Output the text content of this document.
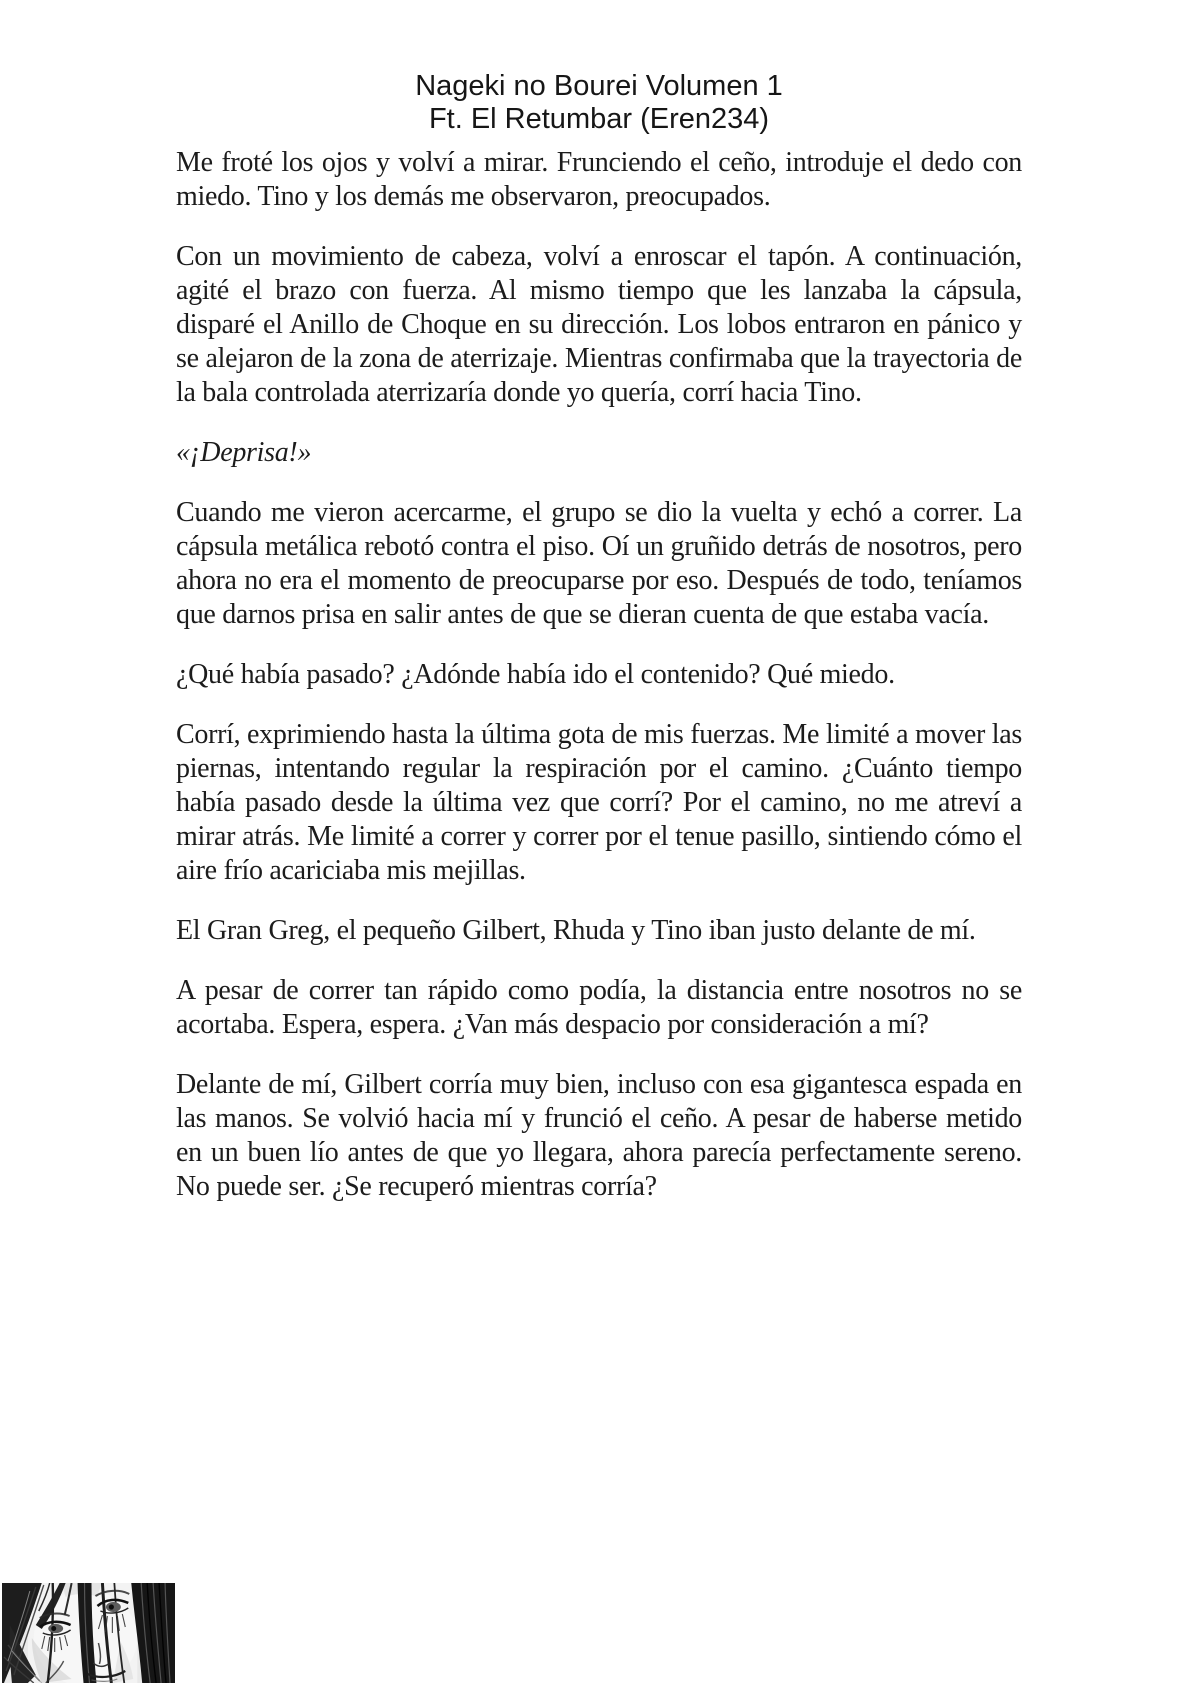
Nageki no Bourei Volumen 1
Ft. El Retumbar (Eren234)

Me froté los ojos y volví a mirar. Frunciendo el ceño, introduje el dedo con miedo. Tino y los demás me observaron, preocupados.

Con un movimiento de cabeza, volví a enroscar el tapón. A continuación, agité el brazo con fuerza. Al mismo tiempo que les lanzaba la cápsula, disparé el Anillo de Choque en su dirección. Los lobos entraron en pánico y se alejaron de la zona de aterrizaje. Mientras confirmaba que la trayectoria de la bala controlada aterrizaría donde yo quería, corrí hacia Tino.

«¡Deprisa!»

Cuando me vieron acercarme, el grupo se dio la vuelta y echó a correr. La cápsula metálica rebotó contra el piso. Oí un gruñido detrás de nosotros, pero ahora no era el momento de preocuparse por eso. Después de todo, teníamos que darnos prisa en salir antes de que se dieran cuenta de que estaba vacía.

¿Qué había pasado? ¿Adónde había ido el contenido? Qué miedo.

Corrí, exprimiendo hasta la última gota de mis fuerzas. Me limité a mover las piernas, intentando regular la respiración por el camino. ¿Cuánto tiempo había pasado desde la última vez que corrí? Por el camino, no me atreví a mirar atrás. Me limité a correr y correr por el tenue pasillo, sintiendo cómo el aire frío acariciaba mis mejillas.

El Gran Greg, el pequeño Gilbert, Rhuda y Tino iban justo delante de mí.

A pesar de correr tan rápido como podía, la distancia entre nosotros no se acortaba. Espera, espera. ¿Van más despacio por consideración a mí?

Delante de mí, Gilbert corría muy bien, incluso con esa gigantesca espada en las manos. Se volvió hacia mí y frunció el ceño. A pesar de haberse metido en un buen lío antes de que yo llegara, ahora parecía perfectamente sereno. No puede ser. ¿Se recuperó mientras corría?
